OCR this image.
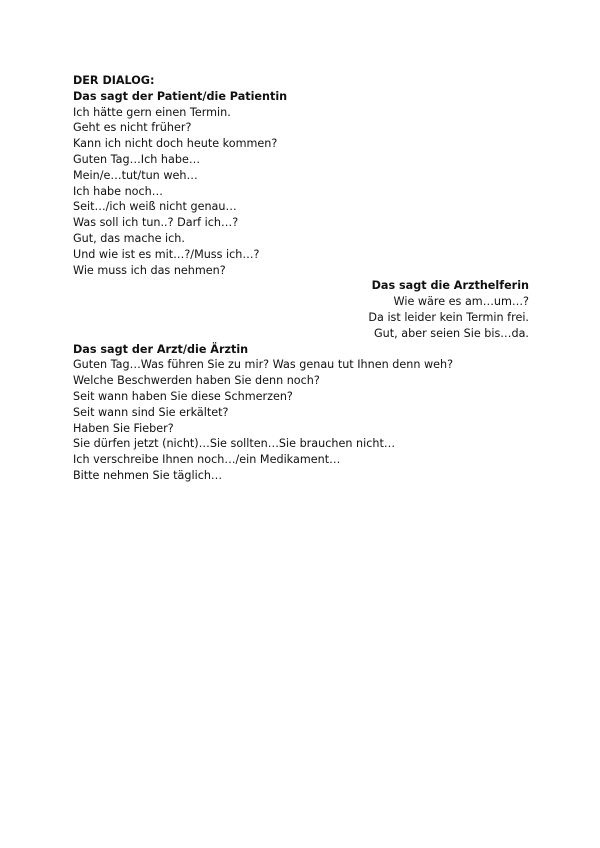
DER DIALOG:
Das sagt der Patient/die Patientin
Ich hätte gern einen Termin.
Geht es nicht früher?
Kann ich nicht doch heute kommen?
Guten Tag…Ich habe…
Mein/e…tut/tun weh…
Ich habe noch…
Seit…/ich weiß nicht genau…
Was soll ich tun..? Darf ich…?
Gut, das mache ich.
Und wie ist es mit…?/Muss ich…?
Wie muss ich das nehmen?
Das sagt die Arzthelferin
Wie wäre es am…um…?
Da ist leider kein Termin frei.
Gut, aber seien Sie bis…da.
Das sagt der Arzt/die Ärztin
Guten Tag…Was führen Sie zu mir? Was genau tut Ihnen denn weh?
Welche Beschwerden haben Sie denn noch?
Seit wann haben Sie diese Schmerzen?
Seit wann sind Sie erkältet?
Haben Sie Fieber?
Sie dürfen jetzt (nicht)…Sie sollten…Sie brauchen nicht…
Ich verschreibe Ihnen noch…/ein Medikament…
Bitte nehmen Sie täglich…
